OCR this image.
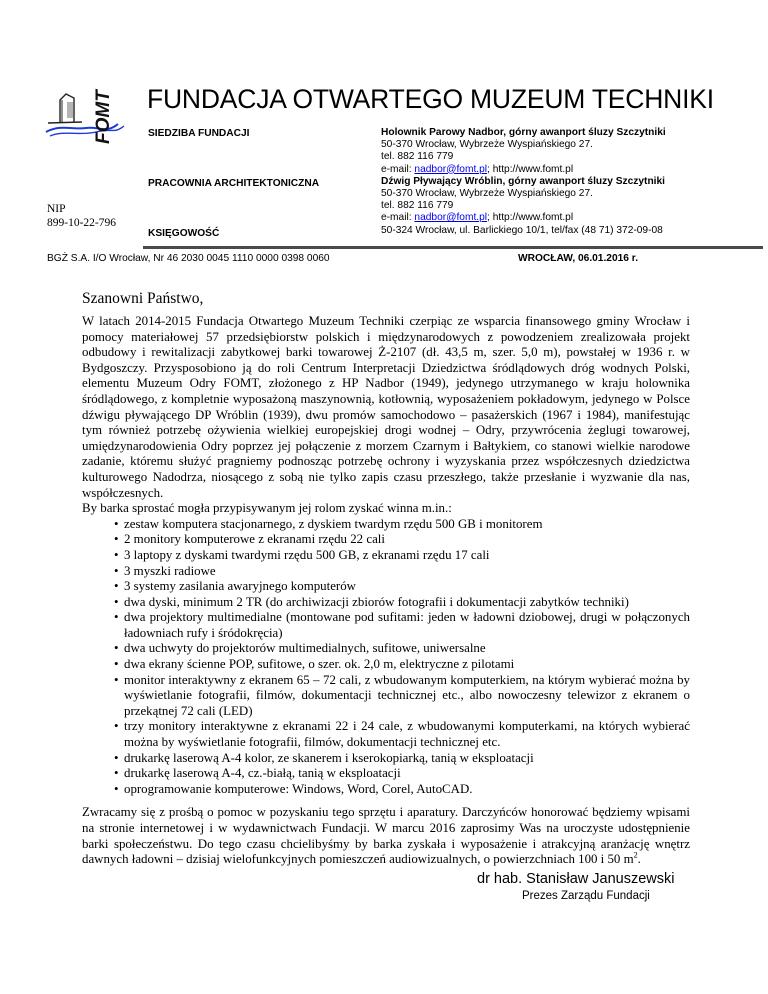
FOMT FUNDACJA OTWARTEGO MUZEUM TECHNIKI
SIEDZIBA FUNDACJI
PRACOWNIA ARCHITEKTONICZNA
KSIĘGOWOŚĆ
NIP
899-10-22-796
Holownik Parowy Nadbor, górny awanport śluzy Szczytniki
50-370 Wrocław, Wybrzeże Wyspiańskiego 27.
tel. 882 116 779
e-mail: nadbor@fomt.pl; http://www.fomt.pl
Dźwig Pływający Wróblin, górny awanport śluzy Szczytniki
50-370 Wrocław, Wybrzeże Wyspiańskiego 27.
tel. 882 116 779
e-mail: nadbor@fomt.pl; http://www.fomt.pl
50-324 Wrocław, ul. Barlickiego 10/1, tel/fax (48 71) 372-09-08
BGŻ S.A. I/O Wrocław, Nr 46 2030 0045 1110 0000 0398 0060	WROCŁAW, 06.01.2016 r.
Szanowni Państwo,

W latach 2014-2015 Fundacja Otwartego Muzeum Techniki czerpiąc ze wsparcia finansowego gminy Wrocław i pomocy materiałowej 57 przedsiębiorstw polskich i międzynarodowych z powodzeniem zrealizowała projekt odbudowy i rewitalizacji zabytkowej barki towarowej Ż-2107 (dł. 43,5 m, szer. 5,0 m), powstałej w 1936 r. w Bydgoszczy. Przysposobiono ją do roli Centrum Interpretacji Dziedzictwa śródlądowych dróg wodnych Polski, elementu Muzeum Odry FOMT, złożonego z HP Nadbor (1949), jedynego utrzymanego w kraju holownika śródlądowego, z kompletnie wyposażoną maszynownią, kotłownią, wyposażeniem pokładowym, jedynego w Polsce dźwigu pływającego DP Wróblin (1939), dwu promów samochodowo – pasażerskich (1967 i 1984), manifestując tym również potrzebę ożywienia wielkiej europejskiej drogi wodnej – Odry, przywrócenia żeglugi towarowej, umiędzynarodowienia Odry poprzez jej połączenie z morzem Czarnym i Bałtykiem, co stanowi wielkie narodowe zadanie, któremu służyć pragniemy podnosząc potrzebę ochrony i wyzyskania przez współczesnych dziedzictwa kulturowego Nadodrza, niosącego z sobą nie tylko zapis czasu przeszłego, także przesłanie i wyzwanie dla nas, współczesnych.

By barka sprostać mogła przypisywanym jej rolom zyskać winna m.in.:

• zestaw komputera stacjonarnego, z dyskiem twardym rzędu 500 GB i monitorem
• 2 monitory komputerowe z ekranami rzędu 22 cali
• 3 laptopy z dyskami twardymi rzędu 500 GB, z ekranami rzędu 17 cali
• 3 myszki radiowe
• 3 systemy zasilania awaryjnego komputerów
• dwa dyski, minimum 2 TR (do archiwizacji zbiorów fotografii i dokumentacji zabytków techniki)
• dwa projektory multimedialne (montowane pod sufitami: jeden w ładowni dziobowej, drugi w połączonych ładowniach rufy i śródokręcia)
• dwa uchwyty do projektorów multimedialnych, sufitowe, uniwersalne
• dwa ekrany ścienne POP, sufitowe, o szer. ok. 2,0 m, elektryczne z pilotami
• monitor interaktywny z ekranem 65 – 72 cali, z wbudowanym komputerkiem, na którym wybierać można by wyświetlanie fotografii, filmów, dokumentacji technicznej etc., albo nowoczesny telewizor z ekranem o przekątnej 72 cali (LED)
• trzy monitory interaktywne z ekranami 22 i 24 cale, z wbudowanymi komputerkami, na których wybierać można by wyświetlanie fotografii, filmów, dokumentacji technicznej etc.
• drukarkę laserową A-4 kolor, ze skanerem i kserokopiarką, tanią w eksploatacji
• drukarkę laserową A-4, cz.-białą, tanią w eksploatacji
• oprogramowanie komputerowe: Windows, Word, Corel, AutoCAD.

Zwracamy się z prośbą o pomoc w pozyskaniu tego sprzętu i aparatury. Darczyńców honorować będziemy wpisami na stronie internetowej i w wydawnictwach Fundacji. W marcu 2016 zaprosimy Was na uroczyste udostępnienie barki społeczeństwu. Do tego czasu chcielibyśmy by barka zyskała i wyposażenie i atrakcyjną aranżację wnętrz dawnych ładowni – dzisiaj wielofunkcyjnych pomieszczeń audiowizualnych, o powierzchniach 100 i 50 $m^2$.

dr hab. Stanisław Januszewski
Prezes Zarządu Fundacji
